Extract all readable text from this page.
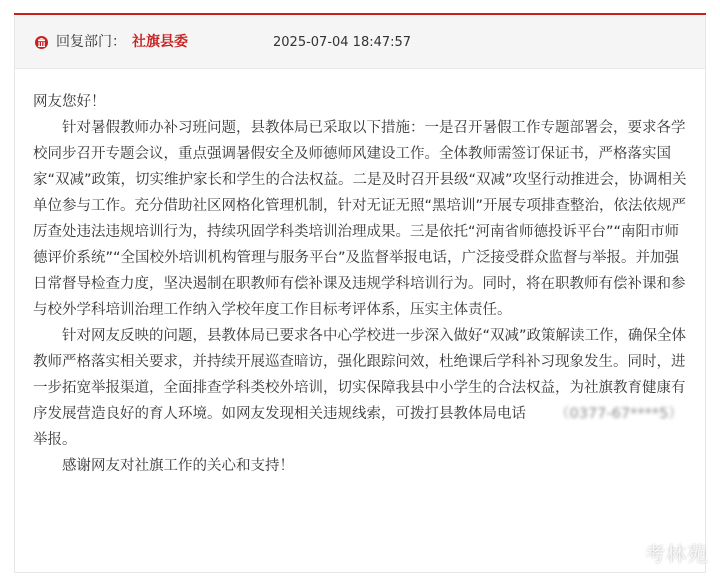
回复部门： 社旗县委	2025-07-04 18:47:57

网友您好！

针对暑假教师办补习班问题，县教体局已采取以下措施：一是召开暑假工作专题部署会，要求各学校同步召开专题会议，重点强调暑假安全及师德师风建设工作。全体教师需签订保证书，严格落实国家“双减”政策，切实维护家长和学生的合法权益。二是及时召开县级“双减”攻坚行动推进会，协调相关单位参与工作。充分借助社区网格化管理机制，针对无证无照“黑培训”开展专项排查整治，依法依规严厉查处违法违规培训行为，持续巩固学科类培训治理成果。三是依托“河南省师德投诉平台”“南阳市师德评价系统”“全国校外培训机构管理与服务平台”及监督举报电话，广泛接受群众监督与举报。并加强日常督导检查力度，坚决遏制在职教师有偿补课及违规学科培训行为。同时，将在职教师有偿补课和参与校外学科培训治理工作纳入学校年度工作目标考评体系，压实主体责任。

针对网友反映的问题，县教体局已要求各中心学校进一步深入做好“双减”政策解读工作，确保全体教师严格落实相关要求，并持续开展巡查暗访，强化跟踪问效，杜绝课后学科补习现象发生。同时，进一步拓宽举报渠道，全面排查学科类校外培训，切实保障我县中小学生的合法权益，为社旗教育健康有序发展营造良好的育人环境。如网友发现相关违规线索，可拨打县教体局电话 （0377-67****5）举报。

感谢网友对社旗工作的关心和支持！

考林苑
